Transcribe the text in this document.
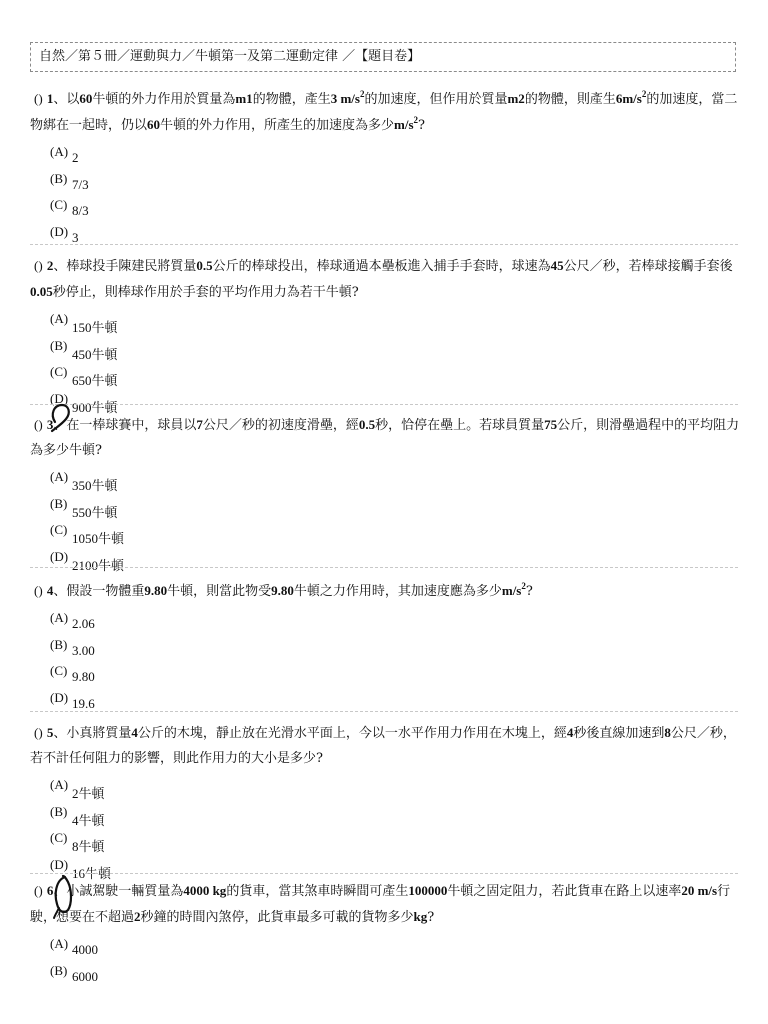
自然／第５冊／運動與力／牛頓第一及第二運動定律 ／【題目卷】

() 1、以60牛頓的外力作用於質量為m1的物體，產生3 $m/s^2$的加速度，但作用於質量m2的物體，則產生$6m/s^2$的加速度，當二物綁在一起時，仍以60牛頓的外力作用，所產生的加速度為多少$m/s^2$?

(A) 2
(B) 7/3
(C) 8/3
(D) 3

() 2、棒球投手陳建民將質量0.5公斤的棒球投出，棒球通過本壘板進入捕手手套時，球速為45公尺／秒，若棒球接觸手套後0.05秒停止，則棒球作用於手套的平均作用力為若干牛頓?

(A)
150牛頓
(B)
450牛頓
(C)
650牛頓
(D)
900牛頓

() 3、在一棒球賽中，球員以7公尺／秒的初速度滑壘，經0.5秒，恰停在壘上。若球員質量75公斤，則滑壘過程中的平均阻力為多少牛頓?

(A)
350牛頓
(B)
550牛頓
(C)
1050牛頓
(D)
2100牛頓

() 4、假設一物體重9.80牛頓，則當此物受9.80牛頓之力作用時，其加速度應為多少$m/s^2$?

(A) 2.06
(B) 3.00
(C) 9.80
(D) 19.6

() 5、小真將質量4公斤的木塊，靜止放在光滑水平面上，今以一水平作用力作用在木塊上，經4秒後直線加速到8公尺／秒，若不計任何阻力的影響，則此作用力的大小是多少?

(A)
2牛頓
(B)
4牛頓
(C)
8牛頓
(D)
16牛頓

() 6、小誠駕駛一輛質量為4000 kg的貨車，當其煞車時瞬間可產生100000牛頓之固定阻力，若此貨車在路上以速率20 m/s行駛，想要在不超過2秒鐘的時間內煞停，此貨車最多可載的貨物多少kg?

(A) 4000
(B) 6000
